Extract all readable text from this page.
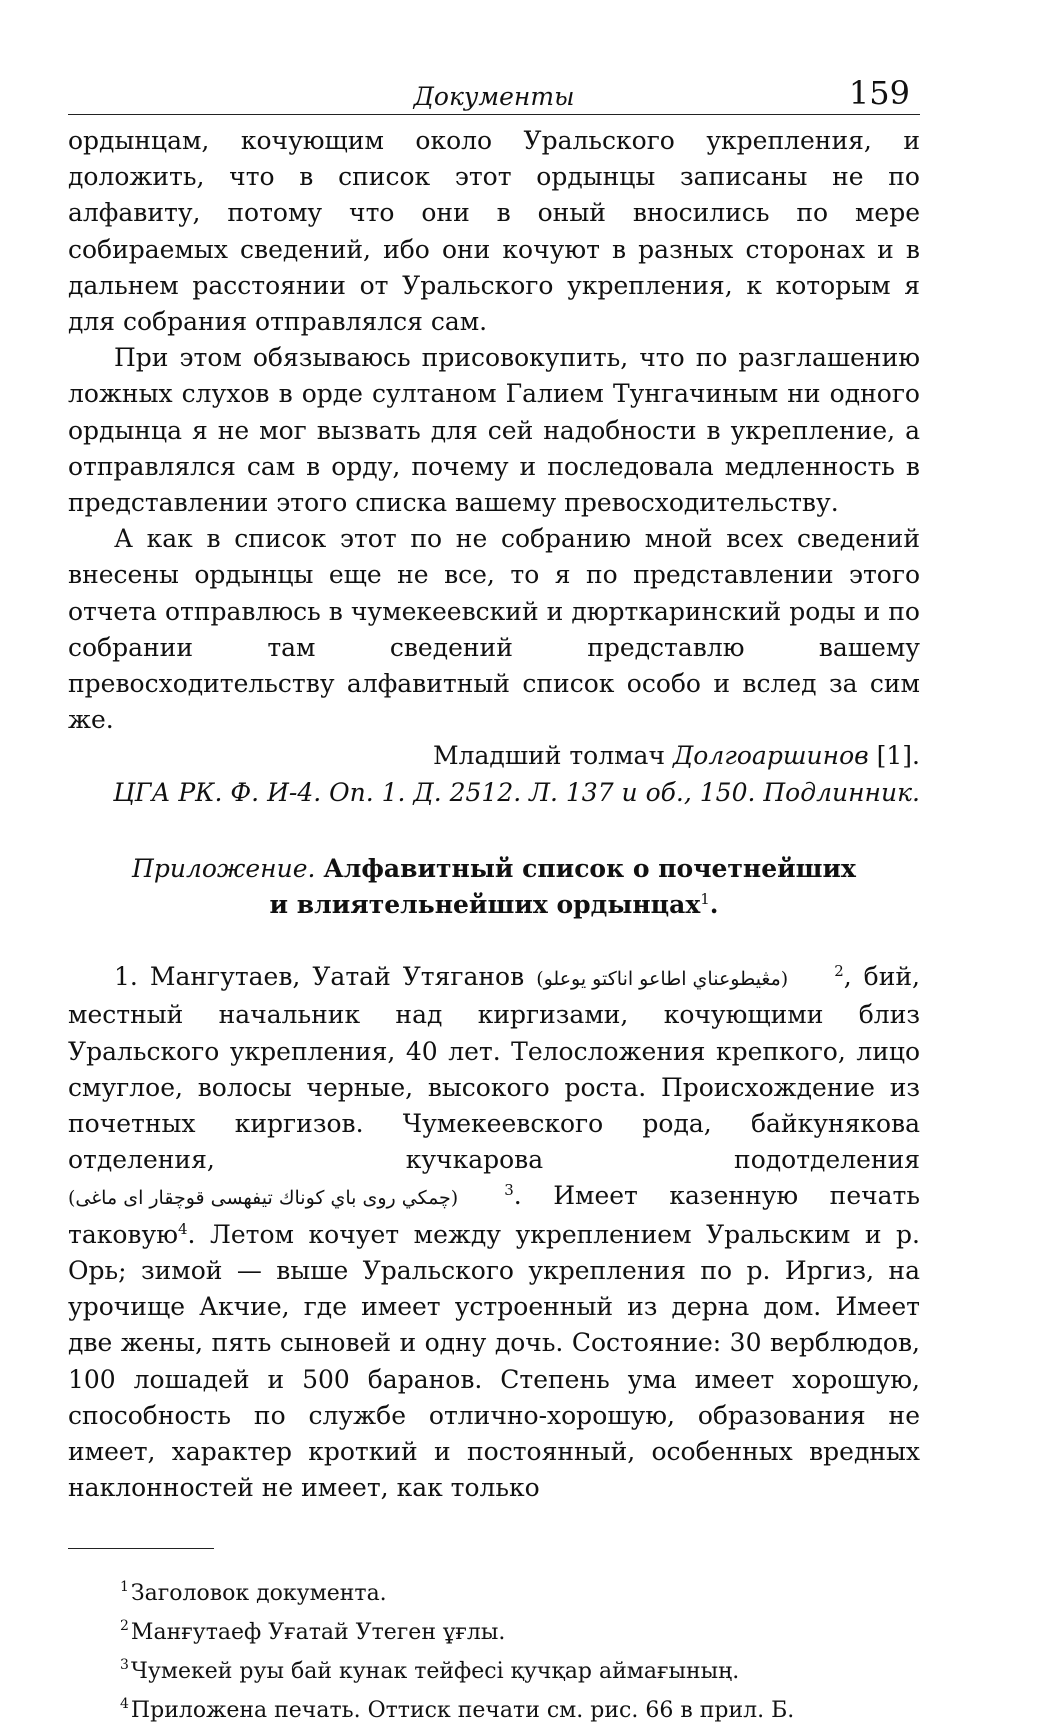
Документы	159

ордынцам, кочующим около Уральского укрепления, и доложить, что в список этот ордынцы записаны не по алфавиту, потому что они в оный вносились по мере собираемых сведений, ибо они кочуют в разных сторонах и в дальнем расстоянии от Уральского укрепления, к которым я для собрания отправлялся сам.

При этом обязываюсь присовокупить, что по разглашению ложных слухов в орде султаном Галием Тунгачиным ни одного ордынца я не мог вызвать для сей надобности в укрепление, а отправлялся сам в орду, почему и последовала медленность в представлении этого списка вашему превосходительству.

А как в список этот по не собранию мной всех сведений внесены ордынцы еще не все, то я по представлении этого отчета отправлюсь в чумекеевский и дюрткаринский роды и по собрании там сведений представлю вашему превосходительству алфавитный список особо и вслед за сим же.

Младший толмач Долгоаршинов [1].

ЦГА РК. Ф. И-4. Оп. 1. Д. 2512. Л. 137 и об., 150. Подлинник.

Приложение. Алфавитный список о почетнейших
и влиятельнейших ордынцах$^1$.

1. Мангутаев, Уатай Утяганов (مڠيطوعناي اطاعو اناكتو يوعلو)	$^2$, бий, местный начальник над киргизами, кочующими близ Уральского укрепления, 40 лет. Телосложения крепкого, лицо смуглое, волосы черные, высокого роста. Происхождение из почетных киргизов. Чумекеевского рода, байкунякова отделения, кучкарова подотделения (چمكي روى باي كوناك تيفهسى قوچقار اى ماغى)	$^3$. Имеет казенную печать таковую$^4$. Летом кочует между укреплением Уральским и р. Орь; зимой — выше Уральского укрепления по р. Иргиз, на урочище Акчие, где имеет устроенный из дерна дом. Имеет две жены, пять сыновей и одну дочь. Состояние: 30 верблюдов, 100 лошадей и 500 баранов. Степень ума имеет хорошую, способность по службе отлично-хорошую, образования не имеет, характер кроткий и постоянный, особенных вредных наклонностей не имеет, как только

$^1$Заголовок документа.

$^2$Манғутаеф Уғатай Утеген ұғлы.

$^3$Чумекей руы бай кунак тейфесі қучқар аймағының.

$^4$Приложена печать. Оттиск печати см. рис. 66 в прил. Б.
